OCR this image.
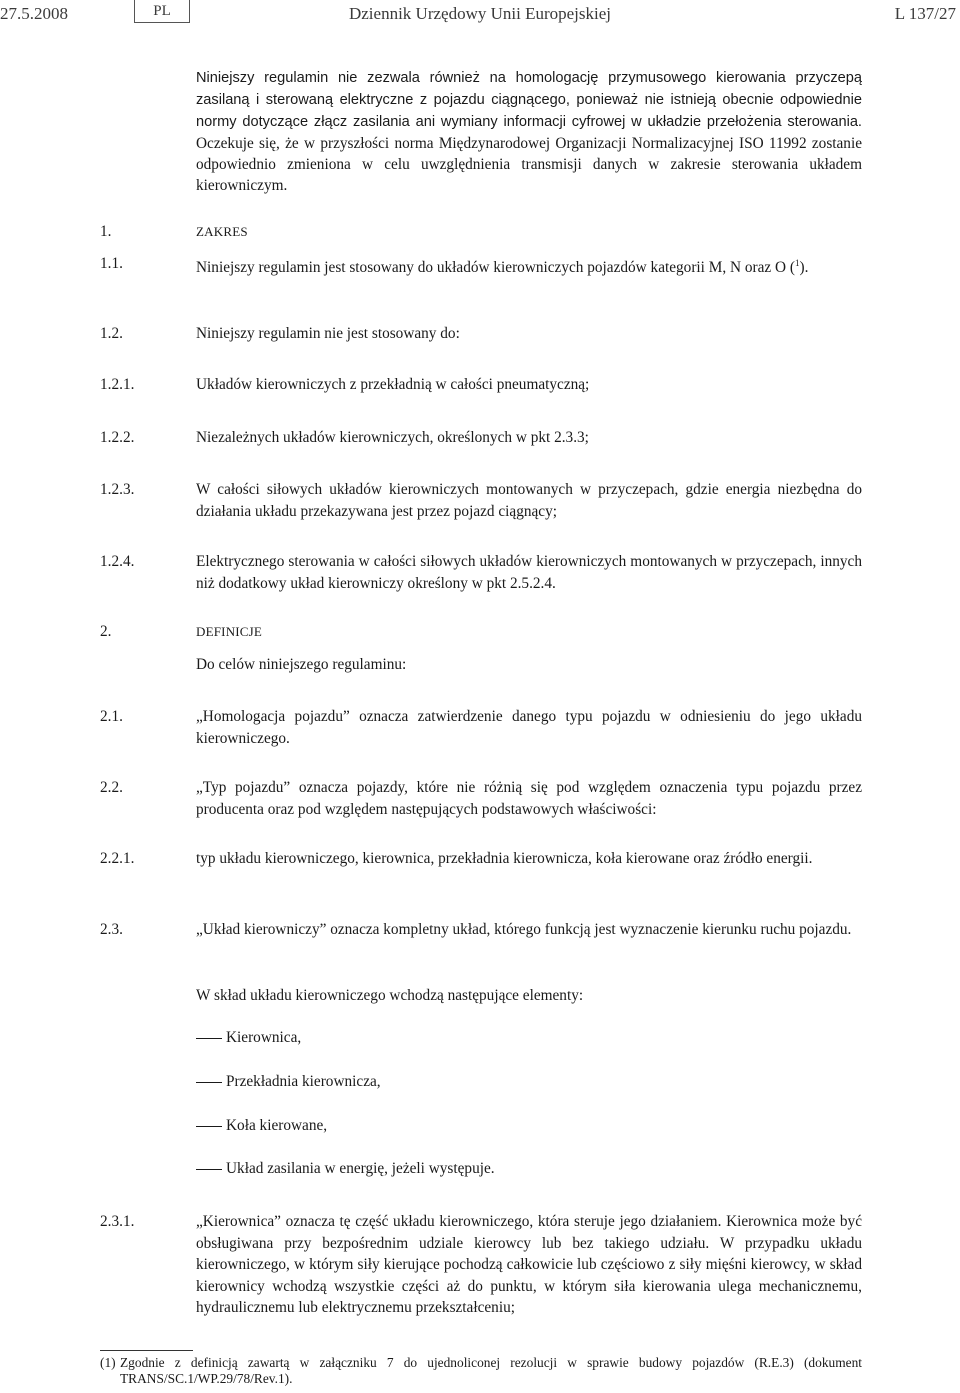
27.5.2008	PL	Dziennik Urzędowy Unii Europejskiej	L 137/27
Niniejszy regulamin nie zezwala również na homologację przymusowego kierowania przyczepą zasilaną i sterowaną elektryczne z pojazdu ciągnącego, ponieważ nie istnieją obecnie odpowiednie normy dotyczące złącz zasilania ani wymiany informacji cyfrowej w układzie przełożenia sterowania. Oczekuje się, że w przyszłości norma Międzynarodowej Organizacji Normalizacyjnej ISO 11992 zostanie odpowiednio zmieniona w celu uwzględnienia transmisji danych w zakresie sterowania układem kierowniczym.
1.	ZAKRES
1.1.	Niniejszy regulamin jest stosowany do układów kierowniczych pojazdów kategorii M, N oraz O ($^1$).
1.2.	Niniejszy regulamin nie jest stosowany do:
1.2.1.	Układów kierowniczych z przekładnią w całości pneumatyczną;
1.2.2.	Niezależnych układów kierowniczych, określonych w pkt 2.3.3;
1.2.3.	W całości siłowych układów kierowniczych montowanych w przyczepach, gdzie energia niezbędna do działania układu przekazywana jest przez pojazd ciągnący;
1.2.4.	Elektrycznego sterowania w całości siłowych układów kierowniczych montowanych w przyczepach, innych niż dodatkowy układ kierowniczy określony w pkt 2.5.2.4.
2.	DEFINICJE
Do celów niniejszego regulaminu:
2.1.	„Homologacja pojazdu” oznacza zatwierdzenie danego typu pojazdu w odniesieniu do jego układu kierowniczego.
2.2.	„Typ pojazdu” oznacza pojazdy, które nie różnią się pod względem oznaczenia typu pojazdu przez producenta oraz pod względem następujących podstawowych właściwości:
2.2.1.	typ układu kierowniczego, kierownica, przekładnia kierownicza, koła kierowane oraz źródło energii.
2.3.	„Układ kierowniczy” oznacza kompletny układ, którego funkcją jest wyznaczenie kierunku ruchu pojazdu.
W skład układu kierowniczego wchodzą następujące elementy:
Kierownica,
Przekładnia kierownicza,
Koła kierowane,
Układ zasilania w energię, jeżeli występuje.
2.3.1.	„Kierownica” oznacza tę część układu kierowniczego, która steruje jego działaniem. Kierownica może być obsługiwana przy bezpośrednim udziale kierowcy lub bez takiego udziału. W przypadku układu kierowniczego, w którym siły kierujące pochodzą całkowicie lub częściowo z siły mięśni kierowcy, w skład kierownicy wchodzą wszystkie części aż do punktu, w którym siła kierowania ulega mechanicznemu, hydraulicznemu lub elektrycznemu przekształceniu;
(1) Zgodnie z definicją zawartą w załączniku 7 do ujednoliconej rezolucji w sprawie budowy pojazdów (R.E.3) (dokument TRANS/SC.1/WP.29/78/Rev.1).
